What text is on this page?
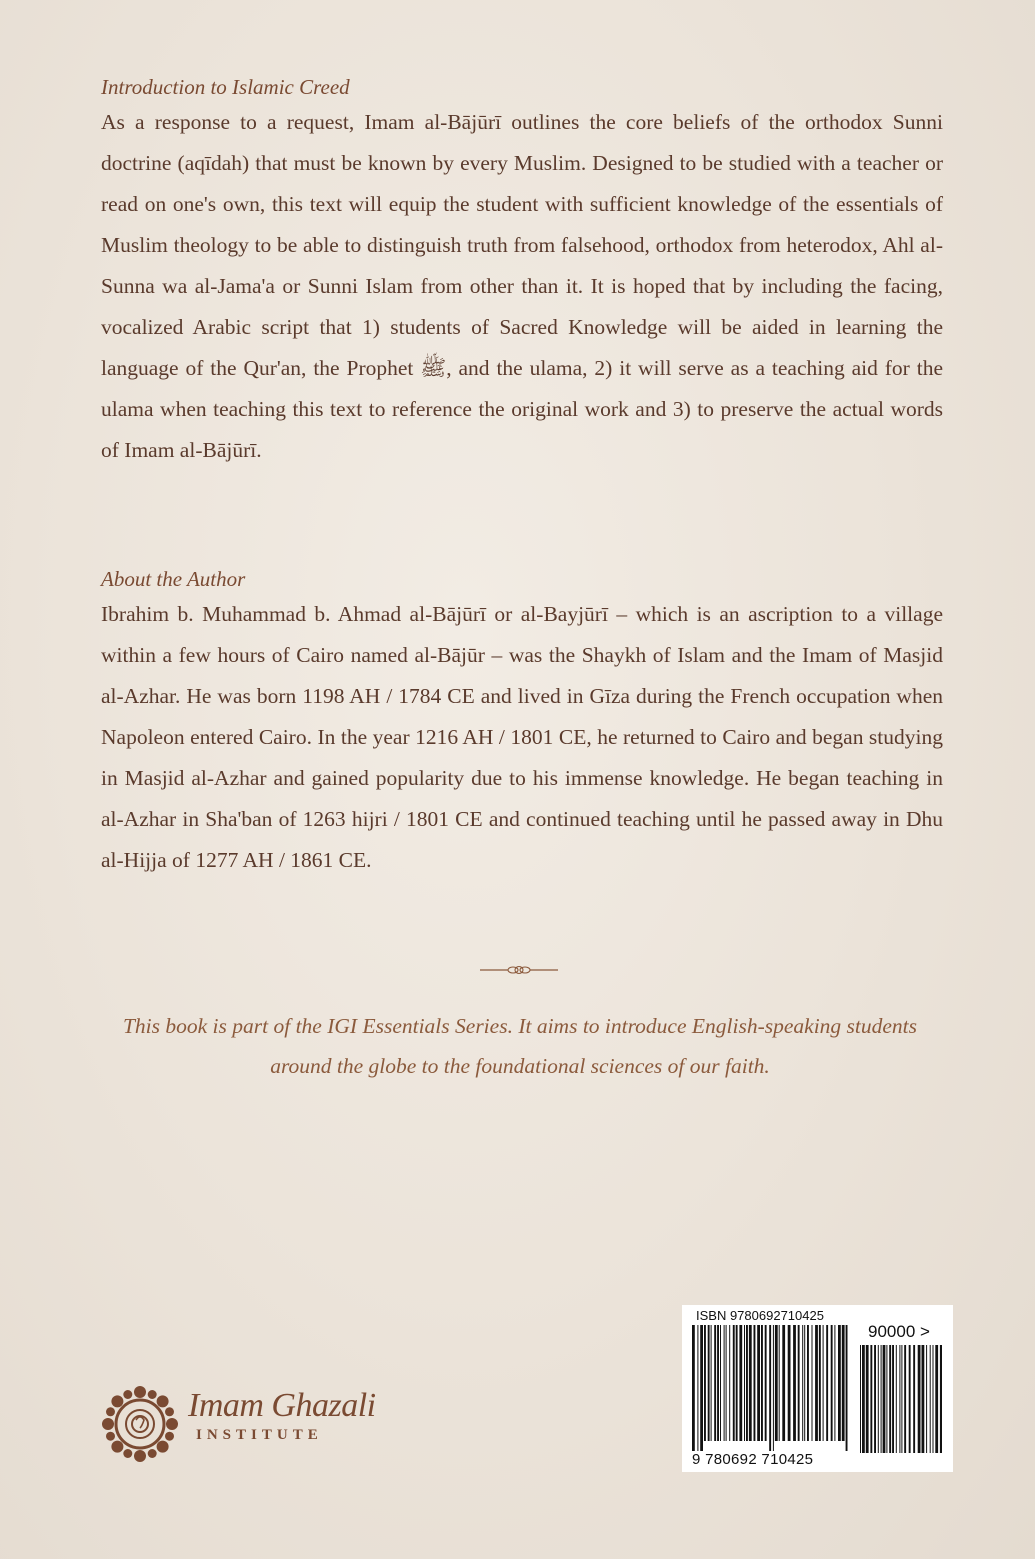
Introduction to Islamic Creed

As a response to a request, Imam al-Bājūrī outlines the core beliefs of the orthodox Sunni doctrine (aqīdah) that must be known by every Muslim. Designed to be studied with a teacher or read on one's own, this text will equip the student with sufficient knowledge of the essentials of Muslim theology to be able to distinguish truth from falsehood, orthodox from heterodox, Ahl al-Sunna wa al-Jama'a or Sunni Islam from other than it. It is hoped that by including the facing, vocalized Arabic script that 1) students of Sacred Knowledge will be aided in learning the language of the Qur'an, the Prophet ﷺ, and the ulama, 2) it will serve as a teaching aid for the ulama when teaching this text to reference the original work and 3) to preserve the actual words of Imam al-Bājūrī.

About the Author

Ibrahim b. Muhammad b. Ahmad al-Bājūrī or al-Bayjūrī – which is an ascription to a village within a few hours of Cairo named al-Bājūr – was the Shaykh of Islam and the Imam of Masjid al-Azhar. He was born 1198 AH / 1784 CE and lived in Gīza during the French occupation when Napoleon entered Cairo. In the year 1216 AH / 1801 CE, he returned to Cairo and began studying in Masjid al-Azhar and gained popularity due to his immense knowledge. He began teaching in al-Azhar in Sha'ban of 1263 hijri / 1801 CE and continued teaching until he passed away in Dhu al-Hijja of 1277 AH / 1861 CE.

This book is part of the IGI Essentials Series. It aims to introduce English-speaking students around the globe to the foundational sciences of our faith.

Imam Ghazali
INSTITUTE
ISBN 9780692710425
90000 >
9 780692 710425
